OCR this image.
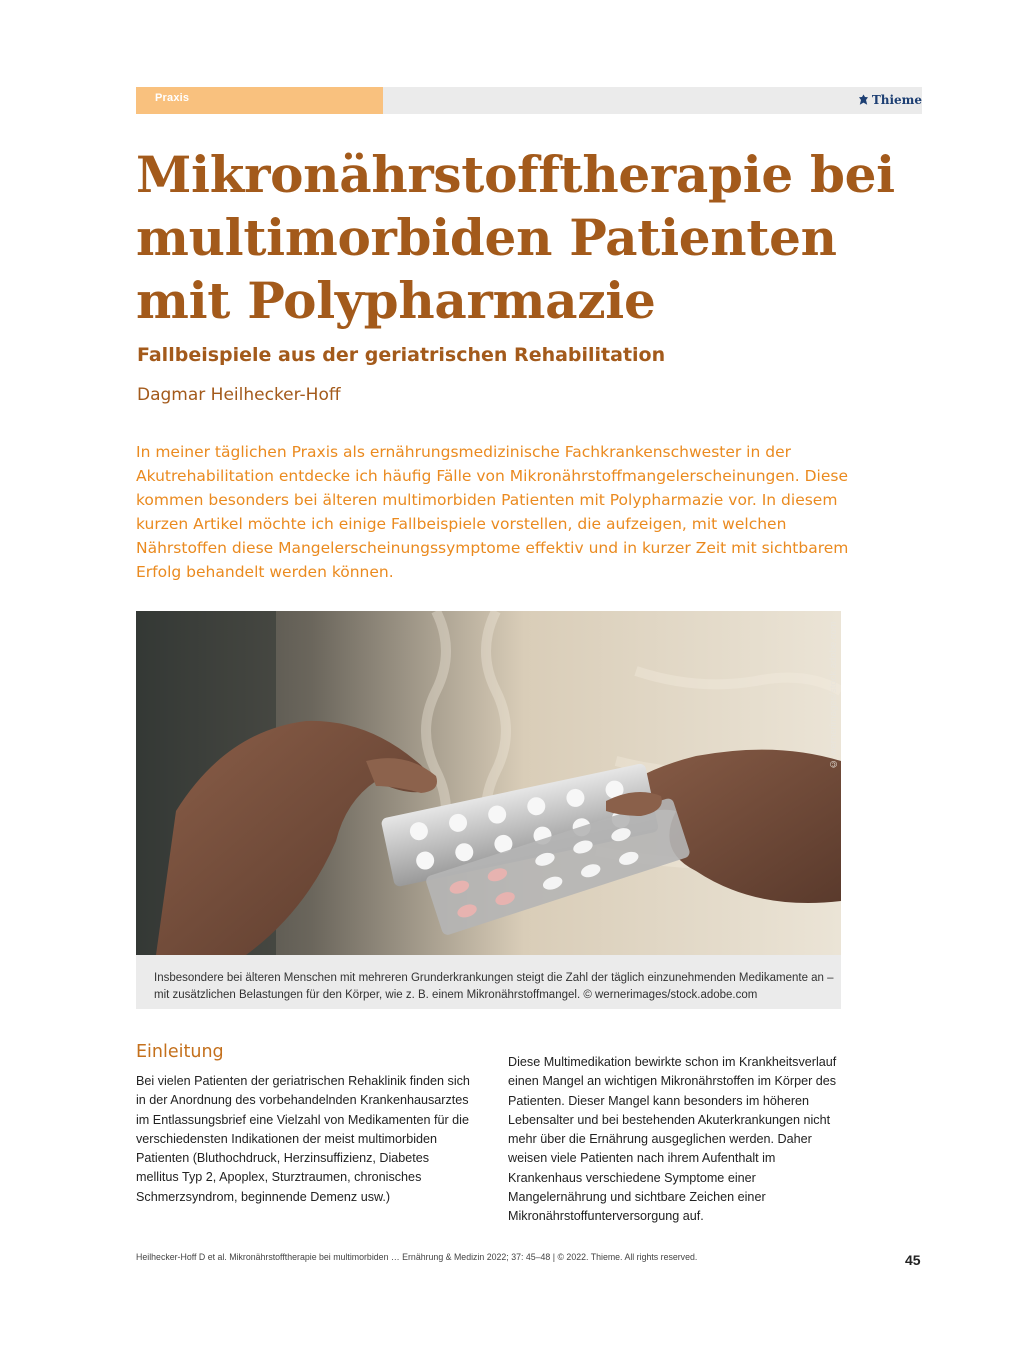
Praxis	Thieme
Mikronährstofftherapie bei multimorbiden Patienten mit Polypharmazie
Fallbeispiele aus der geriatrischen Rehabilitation
Dagmar Heilhecker-Hoff
In meiner täglichen Praxis als ernährungsmedizinische Fachkrankenschwester in der Akutrehabilitation entdecke ich häufig Fälle von Mikronährstoffmangelerscheinungen. Diese kommen besonders bei älteren multimorbiden Patienten mit Polypharmazie vor. In diesem kurzen Artikel möchte ich einige Fallbeispiele vorstellen, die aufzeigen, mit welchen Nährstoffen diese Mangelerscheinungssymptome effektiv und in kurzer Zeit mit sichtbarem Erfolg behandelt werden können.
© wernerimages/stock.adobe.com
Insbesondere bei älteren Menschen mit mehreren Grunderkrankungen steigt die Zahl der täglich einzunehmenden Medikamente an – mit zusätzlichen Belastungen für den Körper, wie z. B. einem Mikronährstoffmangel. © wernerimages/stock.adobe.com
Einleitung
Bei vielen Patienten der geriatrischen Rehaklinik finden sich in der Anordnung des vorbehandelnden Krankenhausarztes im Entlassungsbrief eine Vielzahl von Medikamenten für die verschiedensten Indikationen der meist multimorbiden Patienten (Bluthochdruck, Herzinsuffizienz, Diabetes mellitus Typ 2, Apoplex, Sturztraumen, chronisches Schmerzsyndrom, beginnende Demenz usw.)
Diese Multimedikation bewirkte schon im Krankheitsverlauf einen Mangel an wichtigen Mikronährstoffen im Körper des Patienten. Dieser Mangel kann besonders im höheren Lebensalter und bei bestehenden Akuterkrankungen nicht mehr über die Ernährung ausgeglichen werden. Daher weisen viele Patienten nach ihrem Aufenthalt im Krankenhaus verschiedene Symptome einer Mangelernährung und sichtbare Zeichen einer Mikronährstoffunterversorgung auf.
Heilhecker-Hoff D et al. Mikronährstofftherapie bei multimorbiden … Ernährung & Medizin 2022; 37: 45–48 | © 2022. Thieme. All rights reserved.	45
